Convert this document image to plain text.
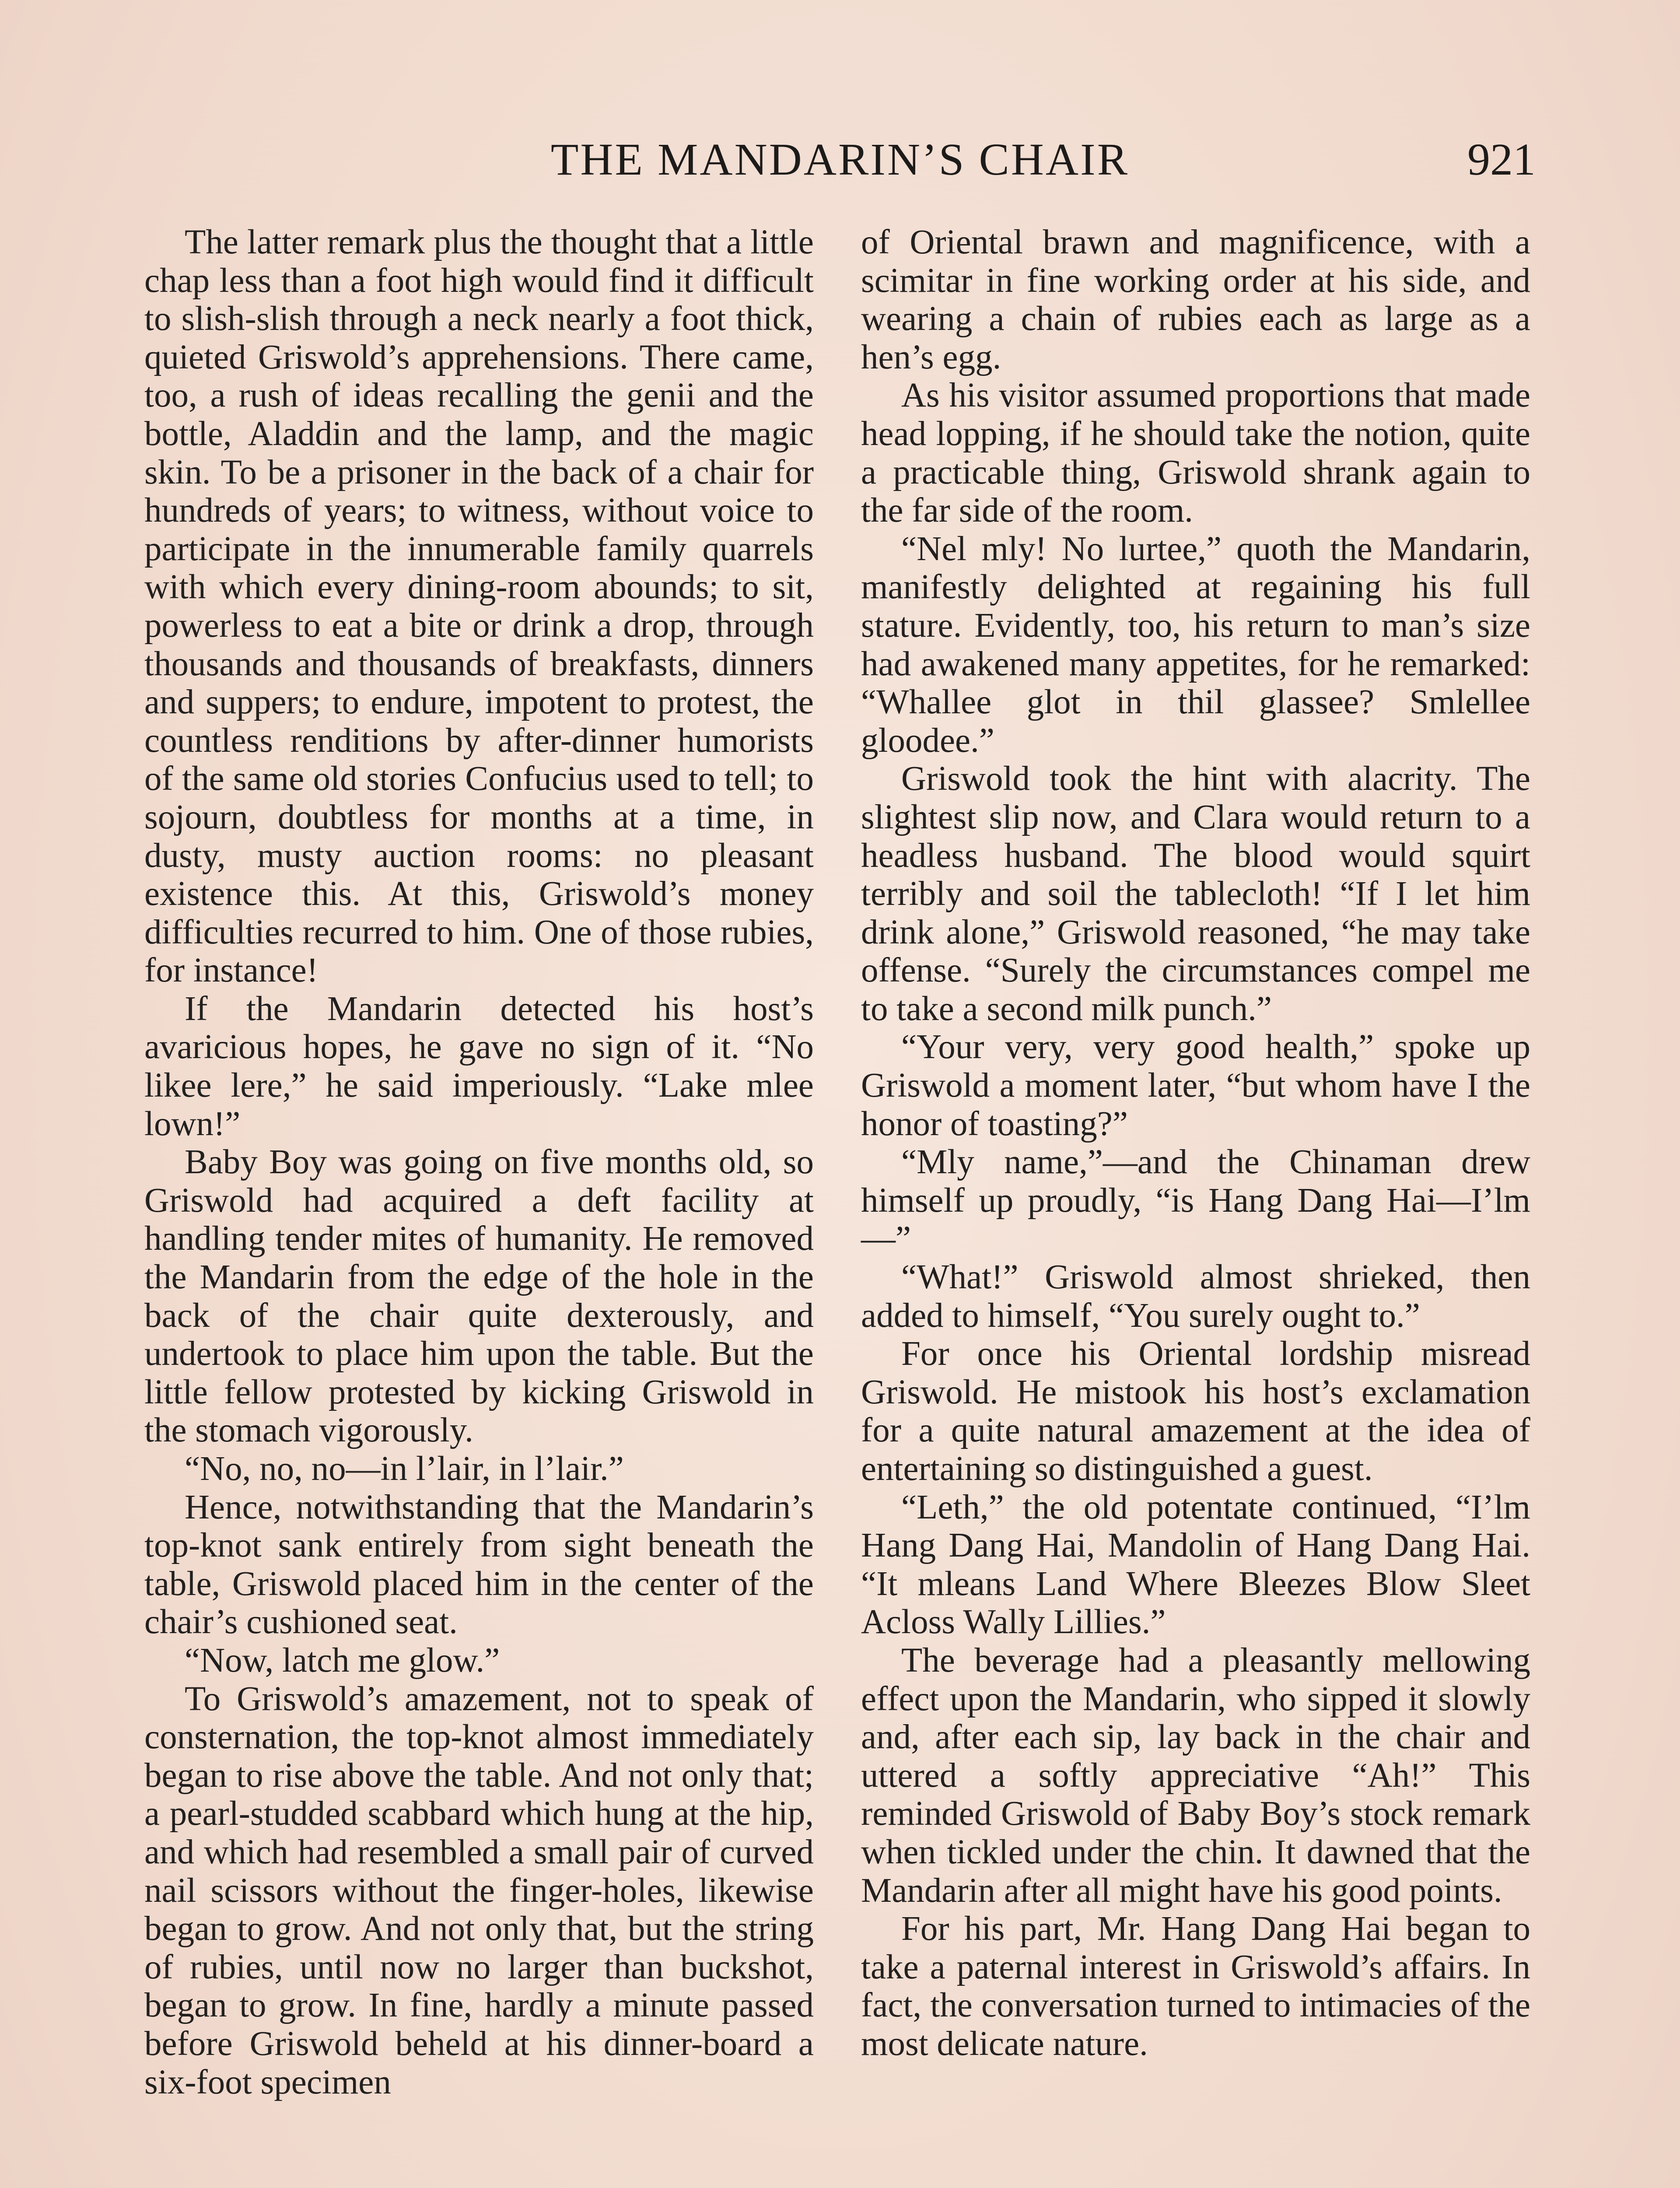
THE MANDARIN’S CHAIR	921

The latter remark plus the thought that a little chap less than a foot high would find it difficult to slish-slish through a neck nearly a foot thick, quieted Griswold’s apprehensions. There came, too, a rush of ideas recalling the genii and the bottle, Aladdin and the lamp, and the magic skin. To be a prisoner in the back of a chair for hundreds of years; to witness, without voice to participate in the innumerable family quarrels with which every dining-room abounds; to sit, powerless to eat a bite or drink a drop, through thousands and thousands of breakfasts, dinners and suppers; to endure, impotent to protest, the countless renditions by after-dinner humorists of the same old stories Confucius used to tell; to sojourn, doubtless for months at a time, in dusty, musty auction rooms: no pleasant existence this. At this, Griswold’s money difficulties recurred to him. One of those rubies, for instance!

If the Mandarin detected his host’s avaricious hopes, he gave no sign of it. “No likee lere,” he said imperiously. “Lake mlee lown!”

Baby Boy was going on five months old, so Griswold had acquired a deft facility at handling tender mites of humanity. He removed the Mandarin from the edge of the hole in the back of the chair quite dexterously, and undertook to place him upon the table. But the little fellow protested by kicking Griswold in the stomach vigorously.

“No, no, no—in l’lair, in l’lair.”

Hence, notwithstanding that the Mandarin’s top-knot sank entirely from sight beneath the table, Griswold placed him in the center of the chair’s cushioned seat.

“Now, latch me glow.”

To Griswold’s amazement, not to speak of consternation, the top-knot almost immediately began to rise above the table. And not only that; a pearl-studded scabbard which hung at the hip, and which had resembled a small pair of curved nail scissors without the finger-holes, likewise began to grow. And not only that, but the string of rubies, until now no larger than buckshot, began to grow. In fine, hardly a minute passed before Griswold beheld at his dinner-board a six-foot specimen

of Oriental brawn and magnificence, with a scimitar in fine working order at his side, and wearing a chain of rubies each as large as a hen’s egg.

As his visitor assumed proportions that made head lopping, if he should take the notion, quite a practicable thing, Griswold shrank again to the far side of the room.

“Nel mly! No lurtee,” quoth the Mandarin, manifestly delighted at regaining his full stature. Evidently, too, his return to man’s size had awakened many appetites, for he remarked: “Whallee glot in thil glassee? Smlellee gloodee.”

Griswold took the hint with alacrity. The slightest slip now, and Clara would return to a headless husband. The blood would squirt terribly and soil the tablecloth! “If I let him drink alone,” Griswold reasoned, “he may take offense. “Surely the circumstances compel me to take a second milk punch.”

“Your very, very good health,” spoke up Griswold a moment later, “but whom have I the honor of toasting?”

“Mly name,”—and the Chinaman drew himself up proudly, “is Hang Dang Hai—I’lm—”

“What!” Griswold almost shrieked, then added to himself, “You surely ought to.”

For once his Oriental lordship misread Griswold. He mistook his host’s exclamation for a quite natural amazement at the idea of entertaining so distinguished a guest.

“Leth,” the old potentate continued, “I’lm Hang Dang Hai, Mandolin of Hang Dang Hai. “It mleans Land Where Bleezes Blow Sleet Acloss Wally Lillies.”

The beverage had a pleasantly mellowing effect upon the Mandarin, who sipped it slowly and, after each sip, lay back in the chair and uttered a softly appreciative “Ah!” This reminded Griswold of Baby Boy’s stock remark when tickled under the chin. It dawned that the Mandarin after all might have his good points.

For his part, Mr. Hang Dang Hai began to take a paternal interest in Griswold’s affairs. In fact, the conversation turned to intimacies of the most delicate nature.
